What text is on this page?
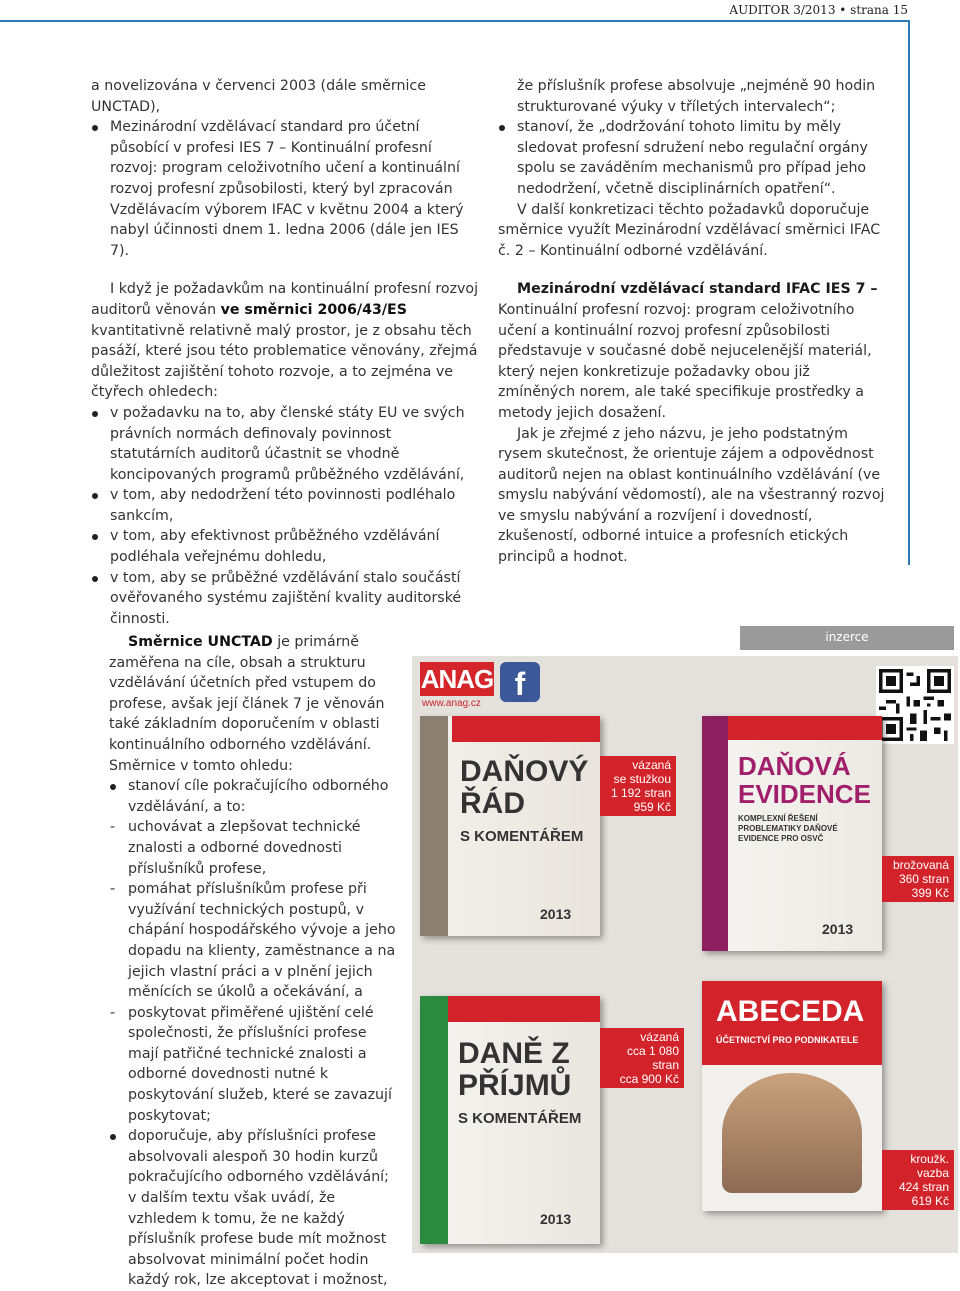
AUDITOR 3/2013 • strana 15

a novelizována v červenci 2003 (dále směrnice UNCTAD),

Mezinárodní vzdělávací standard pro účetní působící v profesi IES 7 – Kontinuální profesní rozvoj: program celoživotního učení a kontinuální rozvoj profesní způsobilosti, který byl zpracován Vzdělávacím výborem IFAC v květnu 2004 a který nabyl účinnosti dnem 1. ledna 2006 (dále jen IES 7).

I když je požadavkům na kontinuální profesní rozvoj auditorů věnován ve směrnici 2006/43/ES kvantitativně relativně malý prostor, je z obsahu těch pasáží, které jsou této problematice věnovány, zřejmá důležitost zajištění tohoto rozvoje, a to zejména ve čtyřech ohledech:

v požadavku na to, aby členské státy EU ve svých právních normách definovaly povinnost statutárních auditorů účastnit se vhodně koncipovaných programů průběžného vzdělávání,
v tom, aby nedodržení této povinnosti podléhalo sankcím,
v tom, aby efektivnost průběžného vzdělávání podléhala veřejnému dohledu,
v tom, aby se průběžné vzdělávání stalo součástí ověřovaného systému zajištění kvality auditorské činnosti.

že příslušník profese absolvuje „nejméně 90 hodin strukturované výuky v tříletých intervalech“;

stanoví, že „dodržování tohoto limitu by měly sledovat profesní sdružení nebo regulační orgány spolu se zaváděním mechanismů pro případ jeho nedodržení, včetně disciplinárních opatření“.

V další konkretizaci těchto požadavků doporučuje směrnice využít Mezinárodní vzdělávací směrnici IFAC č. 2 – Kontinuální odborné vzdělávání.

Mezinárodní vzdělávací standard IFAC IES 7 – Kontinuální profesní rozvoj: program celoživotního učení a kontinuální rozvoj profesní způsobilosti představuje v současné době nejucelenější materiál, který nejen konkretizuje požadavky obou již zmíněných norem, ale také specifikuje prostředky a metody jejich dosažení.

Jak je zřejmé z jeho názvu, je jeho podstatným rysem skutečnost, že orientuje zájem a odpovědnost auditorů nejen na oblast kontinuálního vzdělávání (ve smyslu nabývání vědomostí), ale na všestranný rozvoj ve smyslu nabývání a rozvíjení i dovedností, zkušeností, odborné intuice a profesních etických principů a hodnot.

Směrnice UNCTAD je primárně zaměřena na cíle, obsah a strukturu vzdělávání účetních před vstupem do profese, avšak její článek 7 je věnován také základním doporučením v oblasti kontinuálního odborného vzdělávání. Směrnice v tomto ohledu:

stanoví cíle pokračujícího odborného vzdělávání, a to:
- uchovávat a zlepšovat technické znalosti a odborné dovednosti příslušníků profese,
- pomáhat příslušníkům profese při využívání technických postupů, v chápání hospodářského vývoje a jeho dopadu na klienty, zaměstnance a na jejich vlastní práci a v plnění jejich měnících se úkolů a očekávání, a
- poskytovat přiměřené ujištění celé společnosti, že příslušníci profese mají patřičné technické znalosti a odborné dovednosti nutné k poskytování služeb, které se zavazují poskytovat;
doporučuje, aby příslušníci profese absolvovali alespoň 30 hodin kurzů pokračujícího odborného vzdělávání; v dalším textu však uvádí, že vzhledem k tomu, že ne každý příslušník profese bude mít možnost absolvovat minimální počet hodin každý rok, lze akceptovat i možnost,
inzerce
ANAG
www.anag.cz
f
DAŇOVÝ ŘÁD
S KOMENTÁŘEM
2013
vázaná
se stužkou
1 192 stran
959 Kč
DAŇOVÁ EVIDENCE
KOMPLEXNÍ ŘEŠENÍ PROBLEMATIKY DAŇOVÉ EVIDENCE PRO OSVČ
2013
brožovaná
360 stran
399 Kč
DANĚ Z PŘÍJMŮ
S KOMENTÁŘEM
2013
vázaná
cca 1 080 stran
cca 900 Kč
ABECEDA
ÚČETNICTVÍ PRO PODNIKATELE
kroužk. vazba
424 stran
619 Kč
